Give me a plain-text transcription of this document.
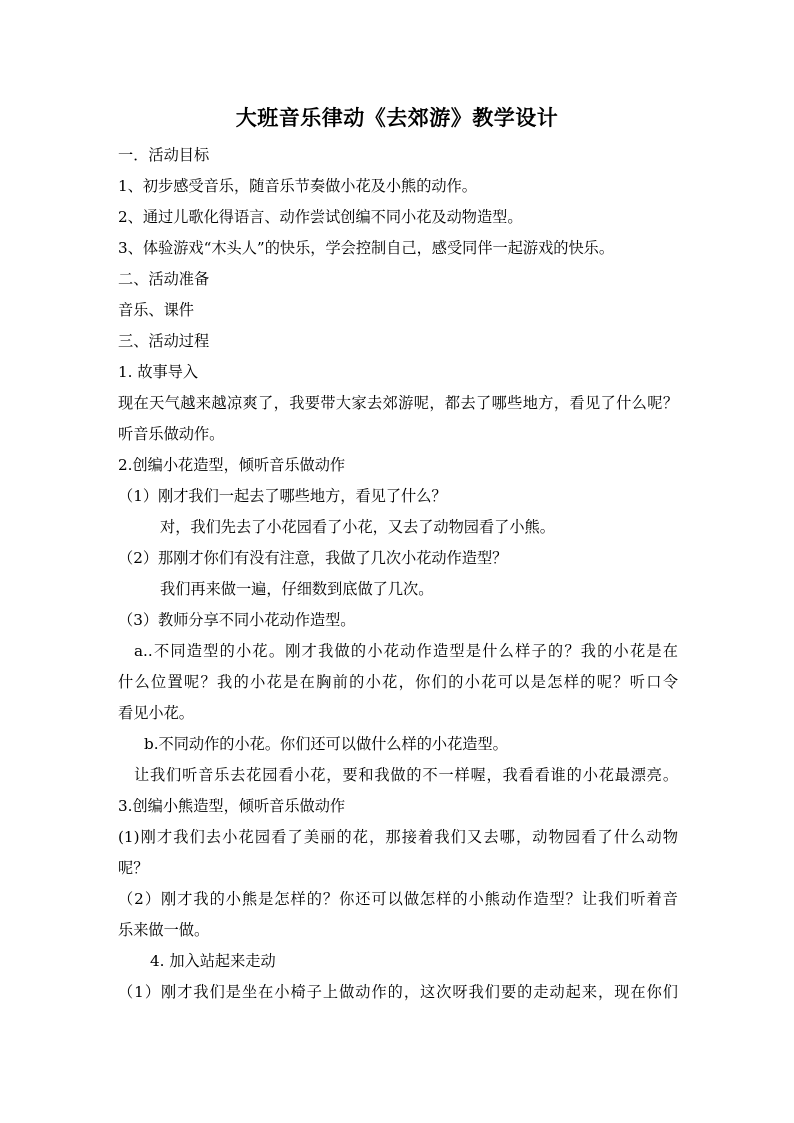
大班音乐律动《去郊游》教学设计
一．活动目标
1、初步感受音乐，随音乐节奏做小花及小熊的动作。
2、通过儿歌化得语言、动作尝试创编不同小花及动物造型。
3、体验游戏“木头人”的快乐，学会控制自己，感受同伴一起游戏的快乐。
二、活动准备
音乐、课件
三、活动过程
1. 故事导入
现在天气越来越凉爽了，我要带大家去郊游呢，都去了哪些地方，看见了什么呢？
听音乐做动作。
2.创编小花造型，倾听音乐做动作
（1）刚才我们一起去了哪些地方，看见了什么？
对，我们先去了小花园看了小花，又去了动物园看了小熊。
（2）那刚才你们有没有注意，我做了几次小花动作造型？
我们再来做一遍，仔细数到底做了几次。
（3）教师分享不同小花动作造型。
a..不同造型的小花。刚才我做的小花动作造型是什么样子的？我的小花是在
什么位置呢？我的小花是在胸前的小花，你们的小花可以是怎样的呢？听口令
看见小花。
b.不同动作的小花。你们还可以做什么样的小花造型。
让我们听音乐去花园看小花，要和我做的不一样喔，我看看谁的小花最漂亮。
3.创编小熊造型，倾听音乐做动作
(1)刚才我们去小花园看了美丽的花，那接着我们又去哪，动物园看了什么动物
呢？
（2）刚才我的小熊是怎样的？你还可以做怎样的小熊动作造型？让我们听着音
乐来做一做。
4. 加入站起来走动
（1）刚才我们是坐在小椅子上做动作的，这次呀我们要的走动起来，现在你们
